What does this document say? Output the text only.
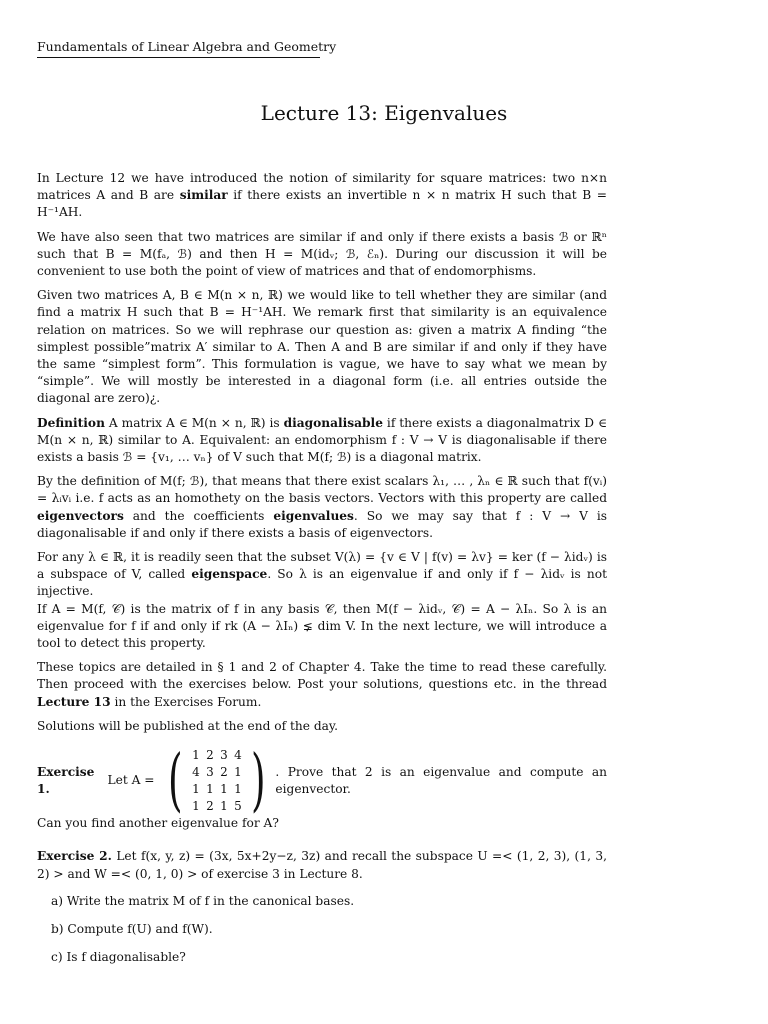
Fundamentals of Linear Algebra and Geometry
Lecture 13: Eigenvalues

In Lecture 12 we have introduced the notion of similarity for square matrices: two n×n matrices A and B are similar if there exists an invertible n × n matrix H such that B = H⁻¹AH.

We have also seen that two matrices are similar if and only if there exists a basis ℬ or ℝⁿ such that B = M(fₐ, ℬ) and then H = M(idᵥ; ℬ, ℰₙ). During our discussion it will be convenient to use both the point of view of matrices and that of endomorphisms.

Given two matrices A, B ∈ M(n × n, ℝ) we would like to tell whether they are similar (and find a matrix H such that B = H⁻¹AH. We remark first that similarity is an equivalence relation on matrices. So we will rephrase our question as: given a matrix A finding “the simplest possible”matrix A′ similar to A. Then A and B are similar if and only if they have the same “simplest form”. This formulation is vague, we have to say what we mean by “simple”. We will mostly be interested in a diagonal form (i.e. all entries outside the diagonal are zero)¿.

Definition A matrix A ∈ M(n × n, ℝ) is diagonalisable if there exists a diagonalmatrix D ∈ M(n × n, ℝ) similar to A. Equivalent: an endomorphism f : V → V is diagonalisable if there exists a basis ℬ = {v₁, … vₙ} of V such that M(f; ℬ) is a diagonal matrix.

By the definition of M(f; ℬ), that means that there exist scalars λ₁, … , λₙ ∈ ℝ such that f(vᵢ) = λᵢvᵢ i.e. f acts as an homothety on the basis vectors. Vectors with this property are called eigenvectors and the coefficients eigenvalues. So we may say that f : V → V is diagonalisable if and only if there exists a basis of eigenvectors.

For any λ ∈ ℝ, it is readily seen that the subset V(λ) = {v ∈ V | f(v) = λv} = ker (f − λidᵥ) is a subspace of V, called eigenspace. So λ is an eigenvalue if and only if f − λidᵥ is not injective.

If A = M(f, 𝒞) is the matrix of f in any basis 𝒞, then M(f − λidᵥ, 𝒞) = A − λIₙ. So λ is an eigenvalue for f if and only if rk (A − λIₙ) ⪇ dim V. In the next lecture, we will introduce a tool to detect this property.

These topics are detailed in § 1 and 2 of Chapter 4. Take the time to read these carefully. Then proceed with the exercises below. Post your solutions, questions etc. in the thread Lecture 13 in the Exercises Forum.

Solutions will be published at the end of the day.

Exercise 1.
Let A = ( 1 2 3 4
4 3 2 1
1 1 1 1
1 2 1 5 ) . Prove that 2 is an eigenvalue and compute an eigenvector.

Can you find another eigenvalue for A?

Exercise 2. Let f(x, y, z) = (3x, 5x+2y−z, 3z) and recall the subspace U =< (1, 2, 3), (1, 3, 2) > and W =< (0, 1, 0) > of exercise 3 in Lecture 8.

a) Write the matrix M of f in the canonical bases.
b) Compute f(U) and f(W).
c) Is f diagonalisable?
